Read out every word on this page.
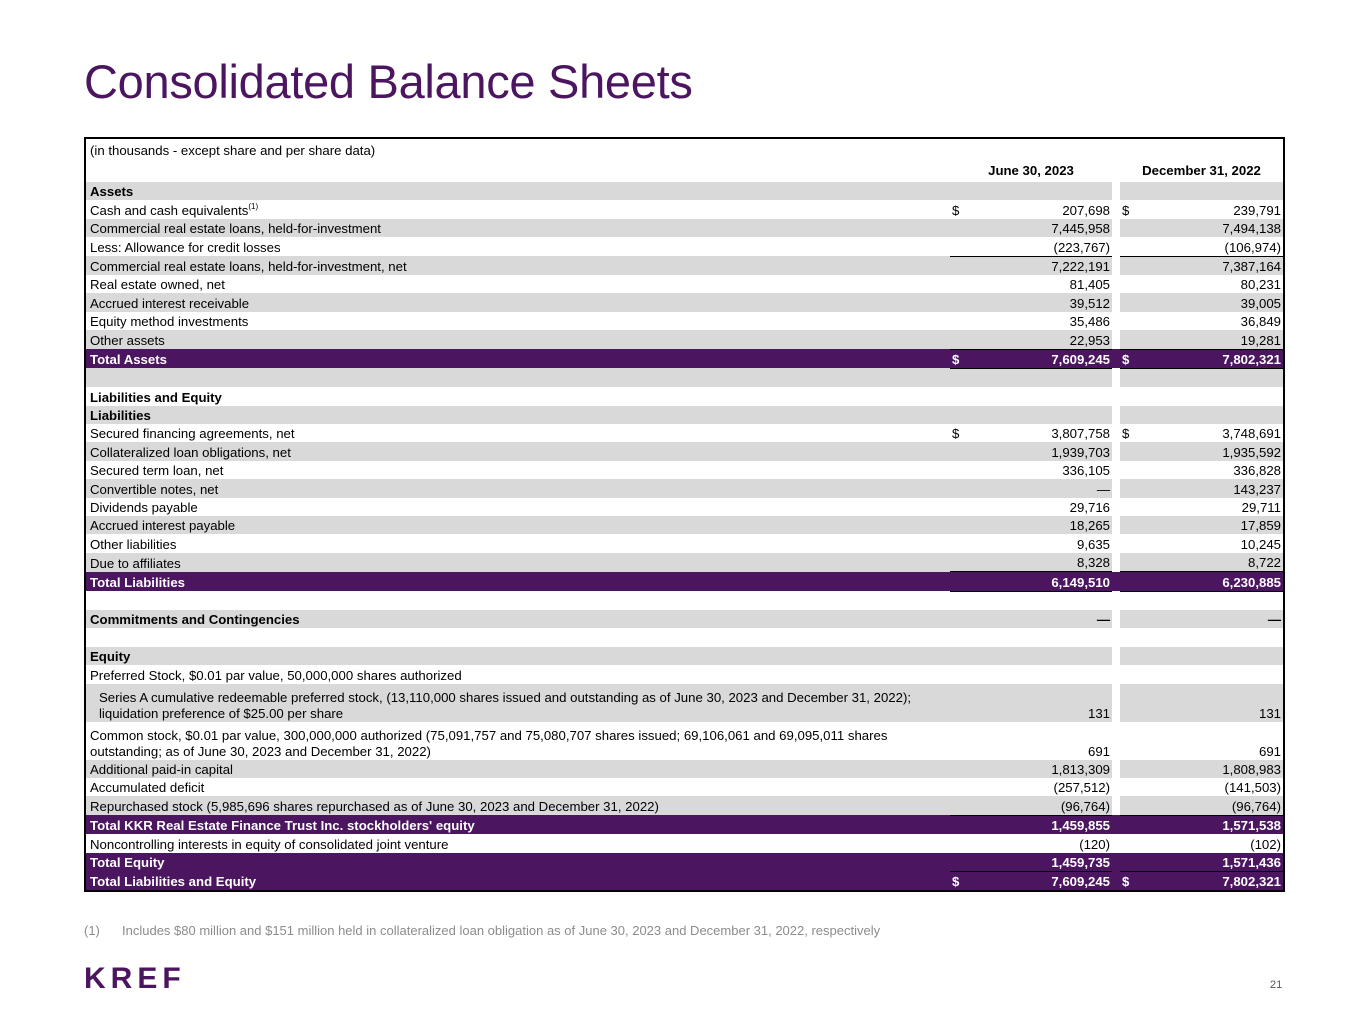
Consolidated Balance Sheets
(in thousands - except share and per share data)	June 30, 2023			December 31, 2022	
Assets					
Cash and cash equivalents$^{(1)}$	$	207,698		$	239,791
Commercial real estate loans, held-for-investment		7,445,958			7,494,138
Less: Allowance for credit losses		(223,767)			(106,974)
Commercial real estate loans, held-for-investment, net		7,222,191			7,387,164
Real estate owned, net		81,405			80,231
Accrued interest receivable		39,512			39,005
Equity method investments		35,486			36,849
Other assets		22,953			19,281
Total Assets	$	7,609,245		$	7,802,321

Liabilities and Equity					
Liabilities					
Secured financing agreements, net	$	3,807,758		$	3,748,691
Collateralized loan obligations, net		1,939,703			1,935,592
Secured term loan, net		336,105			336,828
Convertible notes, net		—			143,237
Dividends payable		29,716			29,711
Accrued interest payable		18,265			17,859
Other liabilities		9,635			10,245
Due to affiliates		8,328			8,722
Total Liabilities		6,149,510			6,230,885

Commitments and Contingencies		—			—

Equity					
Preferred Stock, $0.01 par value, 50,000,000 shares authorized					
Series A cumulative redeemable preferred stock, (13,110,000 shares issued and outstanding as of June 30, 2023 and December 31, 2022); liquidation preference of $25.00 per share		131			131
Common stock, $0.01 par value, 300,000,000 authorized (75,091,757 and 75,080,707 shares issued; 69,106,061 and 69,095,011 shares outstanding; as of June 30, 2023 and December 31, 2022)		691			691
Additional paid-in capital		1,813,309			1,808,983
Accumulated deficit		(257,512)			(141,503)
Repurchased stock (5,985,696 shares repurchased as of June 30, 2023 and December 31, 2022)		(96,764)			(96,764)
Total KKR Real Estate Finance Trust Inc. stockholders' equity		1,459,855			1,571,538
Noncontrolling interests in equity of consolidated joint venture		(120)			(102)
Total Equity		1,459,735			1,571,436
Total Liabilities and Equity	$	7,609,245		$	7,802,321
(1) Includes $80 million and $151 million held in collateralized loan obligation as of June 30, 2023 and December 31, 2022, respectively
KREF	21
